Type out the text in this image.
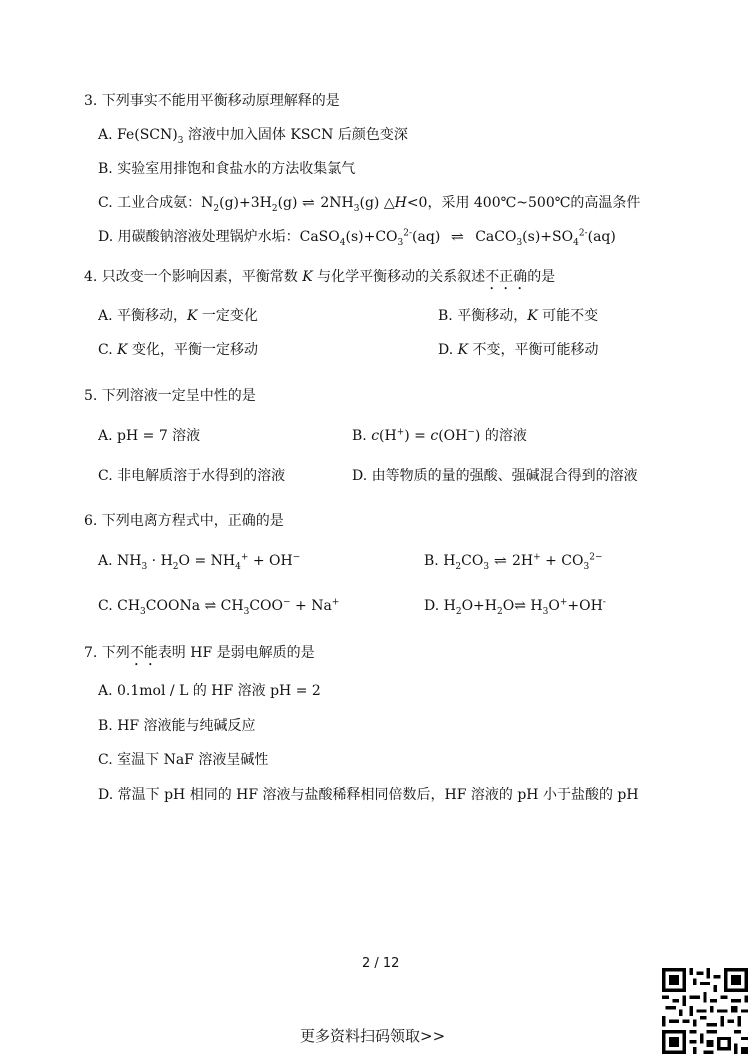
3. 下列事实不能用平衡移动原理解释的是
A. $Fe(SCN)_3$ 溶液中加入固体 KSCN 后颜色变深
B. 实验室用排饱和食盐水的方法收集氯气
C. 工业合成氨：$N_2(g)+3H_2(g)$ ⇌ $2NH_3(g)$ △H<0，采用 400℃~500℃的高温条件
D. 用碳酸钠溶液处理锅炉水垢：$CaSO_4(s)+CO_3^{2-}(aq)$ ⇌ $CaCO_3(s)+SO_4^{2-}(aq)$
4. 只改变一个影响因素，平衡常数 K 与化学平衡移动的关系叙述不正确的是
A. 平衡移动，K 一定变化	B. 平衡移动，K 可能不变
C. K 变化，平衡一定移动	D. K 不变，平衡可能移动
5. 下列溶液一定呈中性的是
A. pH = 7 溶液	B. c(H+) = c(OH−) 的溶液
C. 非电解质溶于水得到的溶液	D. 由等物质的量的强酸、强碱混合得到的溶液
6. 下列电离方程式中，正确的是
A. $NH_3 \cdot H_2O = NH_4^+ + OH^-$	B. $H_2CO_3$ ⇌ $2H^+ + CO_3^{2-}$
C. $CH_3COONa$ ⇌ $CH_3COO^- + Na^+$	D. $H_2O+H_2O\rightleftharpoons$ $H_3O^++OH^-$
7. 下列不能表明 HF 是弱电解质的是
A. 0.1mol / L 的 HF 溶液 pH = 2
B. HF 溶液能与纯碱反应
C. 室温下 NaF 溶液呈碱性
D. 常温下 pH 相同的 HF 溶液与盐酸稀释相同倍数后，HF 溶液的 pH 小于盐酸的 pH
2 / 12
更多资料扫码领取>>
